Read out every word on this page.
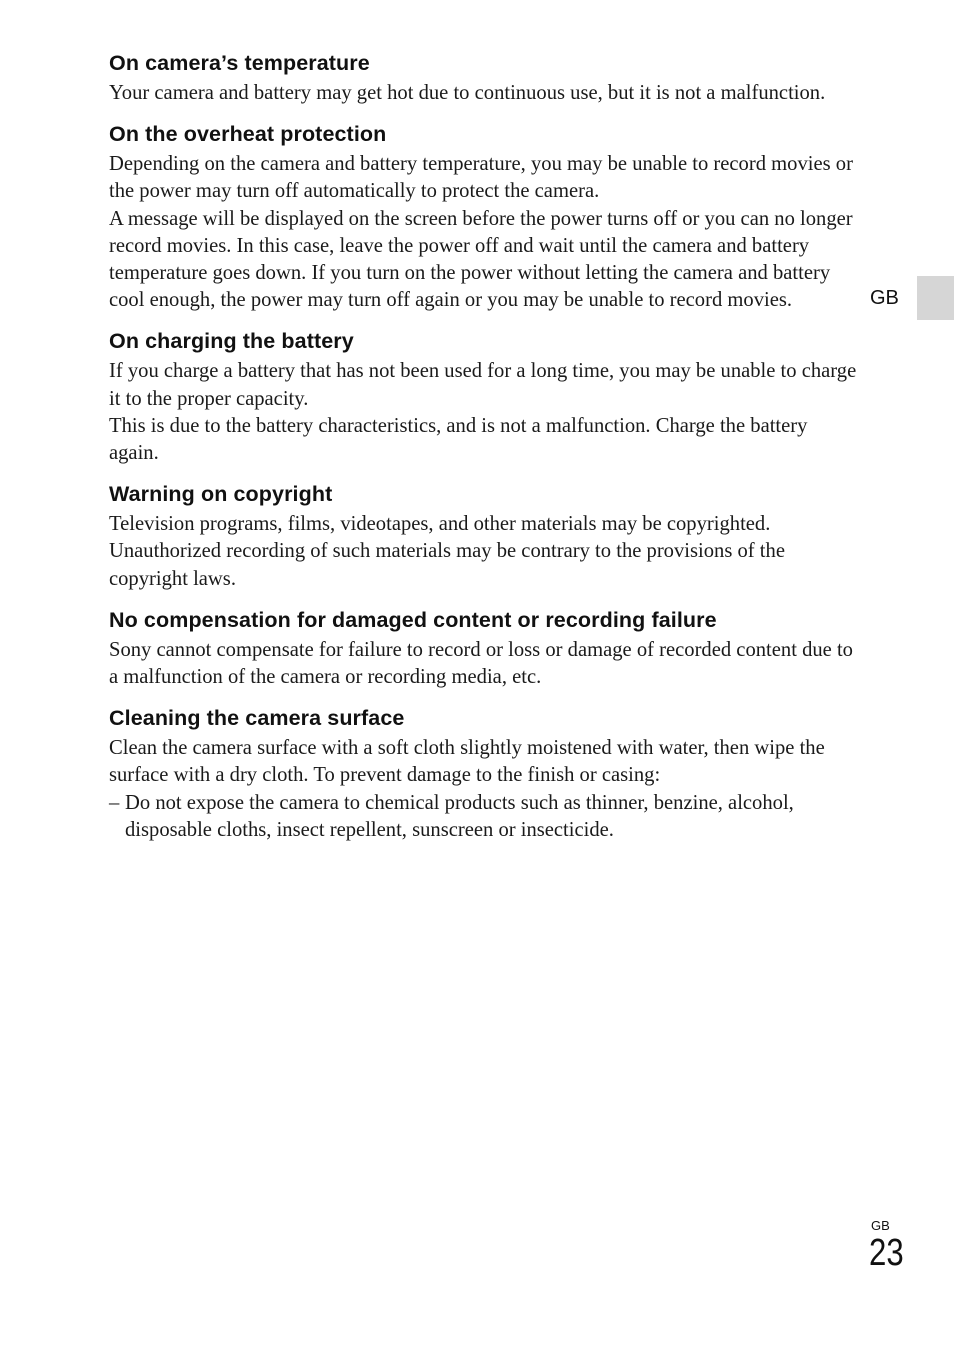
On camera’s temperature

Your camera and battery may get hot due to continuous use, but it is not a malfunction.

On the overheat protection

Depending on the camera and battery temperature, you may be unable to record movies or the power may turn off automatically to protect the camera.

A message will be displayed on the screen before the power turns off or you can no longer record movies. In this case, leave the power off and wait until the camera and battery temperature goes down. If you turn on the power without letting the camera and battery cool enough, the power may turn off again or you may be unable to record movies.

On charging the battery

If you charge a battery that has not been used for a long time, you may be unable to charge it to the proper capacity.

This is due to the battery characteristics, and is not a malfunction. Charge the battery again.

Warning on copyright

Television programs, films, videotapes, and other materials may be copyrighted. Unauthorized recording of such materials may be contrary to the provisions of the copyright laws.

No compensation for damaged content or recording failure

Sony cannot compensate for failure to record or loss or damage of recorded content due to a malfunction of the camera or recording media, etc.

Cleaning the camera surface

Clean the camera surface with a soft cloth slightly moistened with water, then wipe the surface with a dry cloth. To prevent damage to the finish or casing:

– Do not expose the camera to chemical products such as thinner, benzine, alcohol, disposable cloths, insect repellent, sunscreen or insecticide.

GB
GB
23
